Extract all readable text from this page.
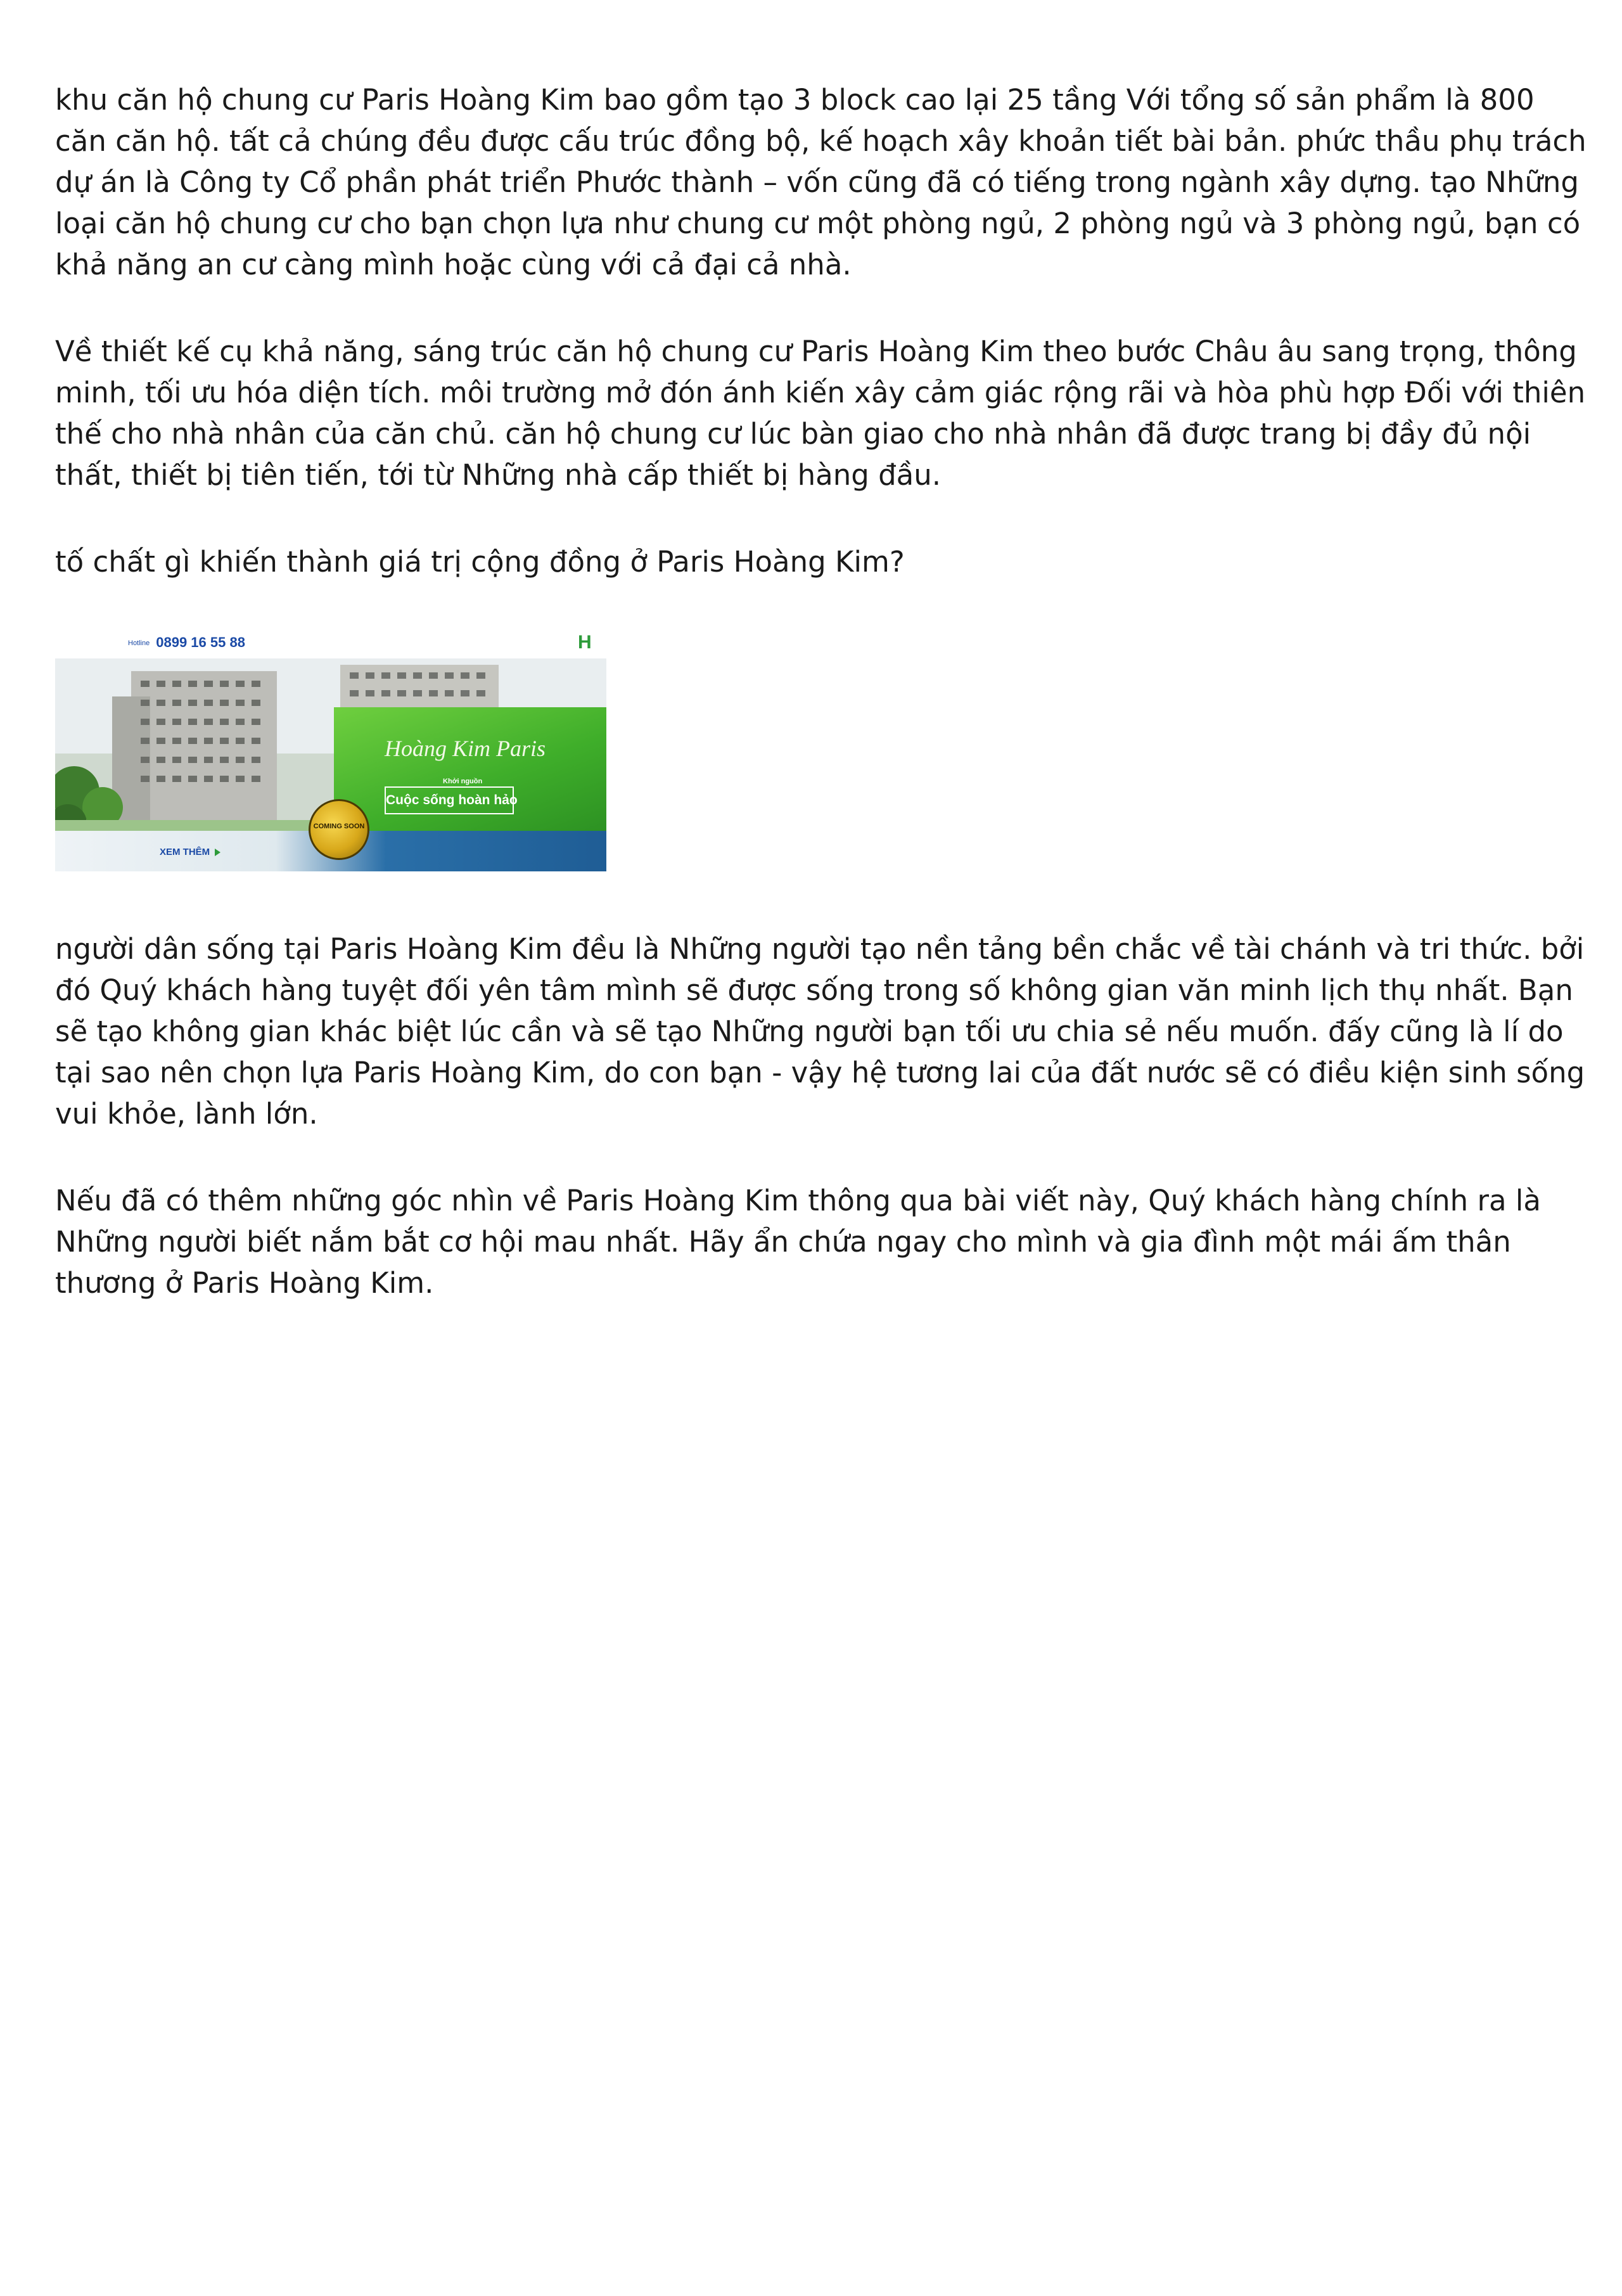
khu căn hộ chung cư Paris Hoàng Kim bao gồm tạo 3 block cao lại 25 tầng Với tổng số sản phẩm là 800 căn căn hộ. tất cả chúng đều được cấu trúc đồng bộ, kế hoạch xây khoản tiết bài bản. phức thầu phụ trách dự án là Công ty Cổ phần phát triển Phước thành – vốn cũng đã có tiếng trong ngành xây dựng. tạo Những loại căn hộ chung cư cho bạn chọn lựa như chung cư một phòng ngủ, 2 phòng ngủ và 3 phòng ngủ, bạn có khả năng an cư càng mình hoặc cùng với cả đại cả nhà.

Về thiết kế cụ khả năng, sáng trúc căn hộ chung cư Paris Hoàng Kim theo bước Châu âu sang trọng, thông minh, tối ưu hóa diện tích. môi trường mở đón ánh kiến xây cảm giác rộng rãi và hòa phù hợp Đối với thiên thế cho nhà nhân của căn chủ. căn hộ chung cư lúc bàn giao cho nhà nhân đã được trang bị đầy đủ nội thất, thiết bị tiên tiến, tới từ Những nhà cấp thiết bị hàng đầu.

tố chất gì khiến thành giá trị cộng đồng ở Paris Hoàng Kim?

Hotline 0899 16 55 88	H
Hoàng Kim Paris
Khởi nguồn
Cuộc sống hoàn hảo
COMING SOON
XEM THÊM

người dân sống tại Paris Hoàng Kim đều là Những người tạo nền tảng bền chắc về tài chánh và tri thức. bởi đó Quý khách hàng tuyệt đối yên tâm mình sẽ được sống trong số không gian văn minh lịch thụ nhất. Bạn sẽ tạo không gian khác biệt lúc cần và sẽ tạo Những người bạn tối ưu chia sẻ nếu muốn. đấy cũng là lí do tại sao nên chọn lựa Paris Hoàng Kim, do con bạn - vậy hệ tương lai của đất nước sẽ có điều kiện sinh sống vui khỏe, lành lớn.

Nếu đã có thêm những góc nhìn về Paris Hoàng Kim thông qua bài viết này, Quý khách hàng chính ra là Những người biết nắm bắt cơ hội mau nhất. Hãy ẩn chứa ngay cho mình và gia đình một mái ấm thân thương ở Paris Hoàng Kim.
